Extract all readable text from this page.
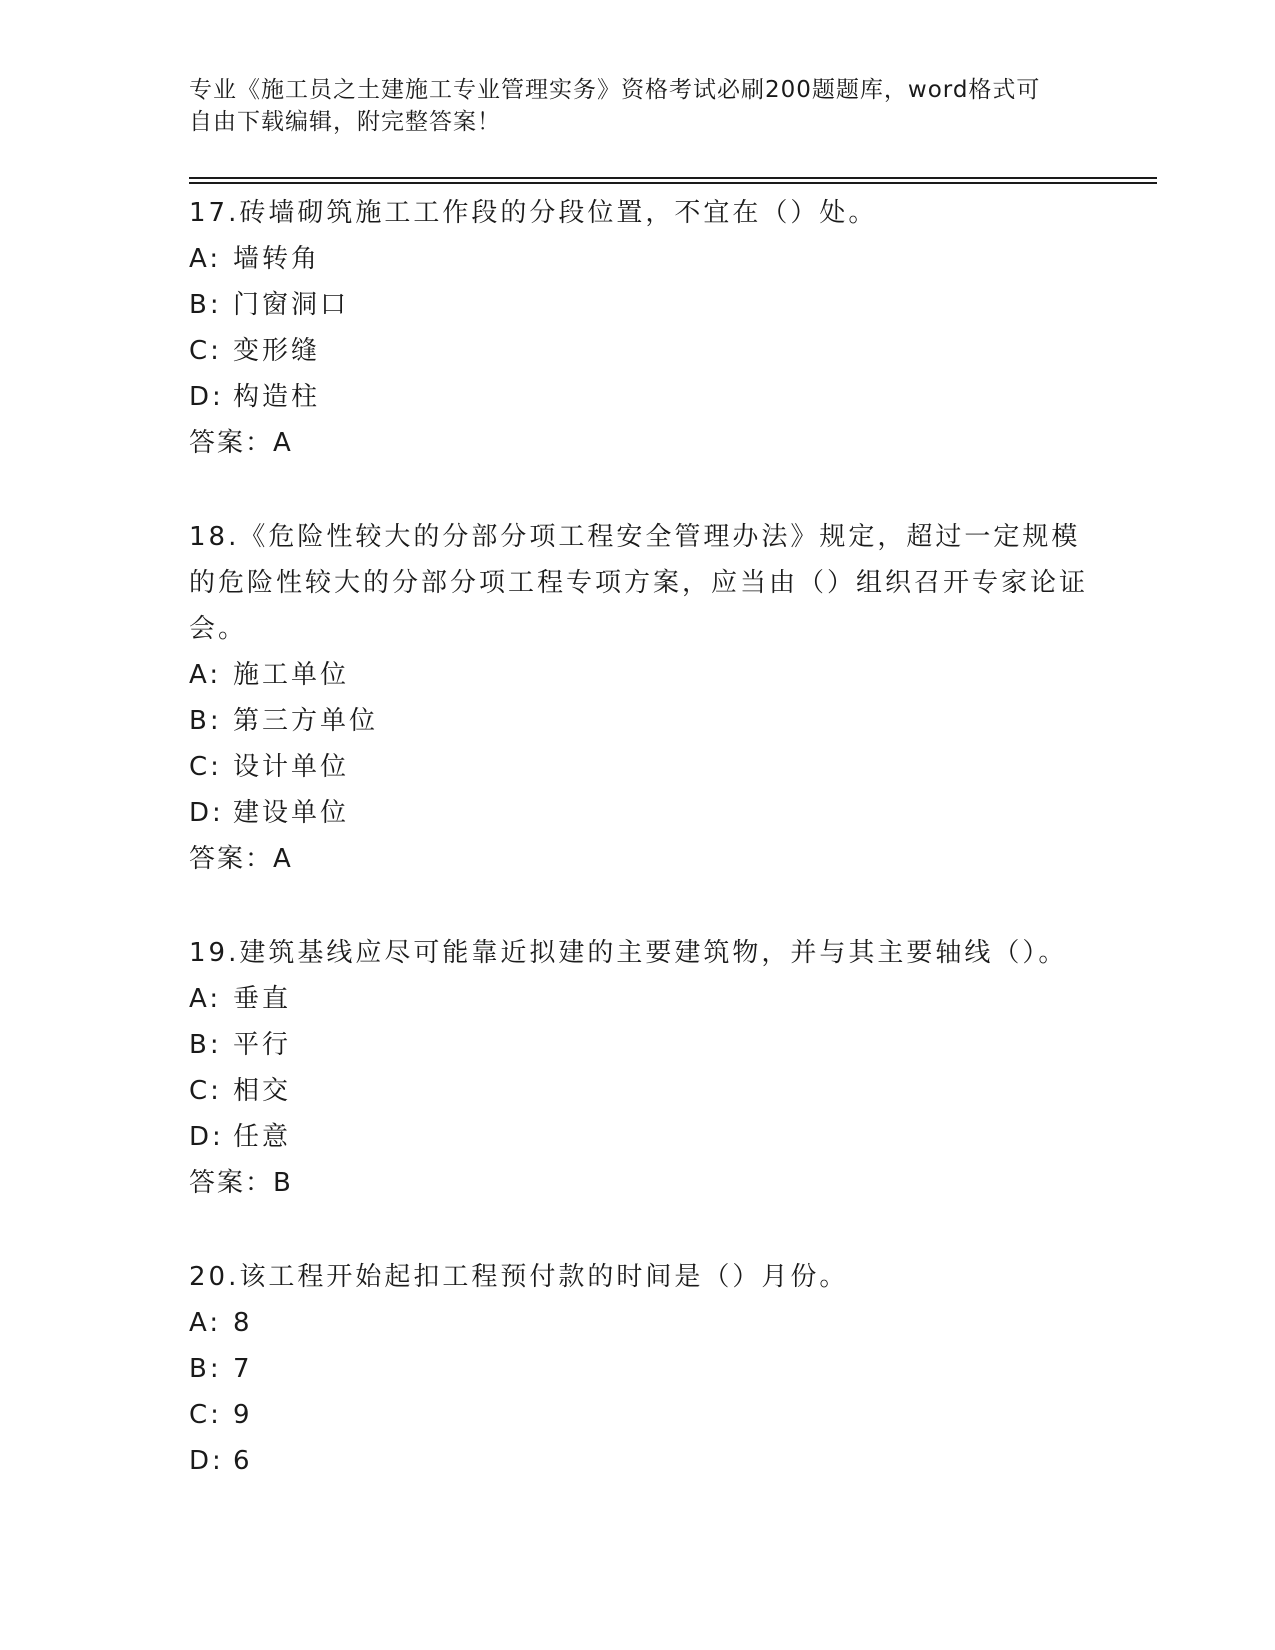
专业《施工员之土建施工专业管理实务》资格考试必刷200题题库，word格式可
自由下载编辑，附完整答案！
17.砖墙砌筑施工工作段的分段位置，不宜在（）处。
A: 墙转角
B: 门窗洞口
C: 变形缝
D: 构造柱
答案：A
18.《危险性较大的分部分项工程安全管理办法》规定，超过一定规模的危险性较大的分部分项工程专项方案，应当由（）组织召开专家论证会。
A: 施工单位
B: 第三方单位
C: 设计单位
D: 建设单位
答案：A
19.建筑基线应尽可能靠近拟建的主要建筑物，并与其主要轴线（）。
A: 垂直
B: 平行
C: 相交
D: 任意
答案：B
20.该工程开始起扣工程预付款的时间是（）月份。
A: 8
B: 7
C: 9
D: 6
